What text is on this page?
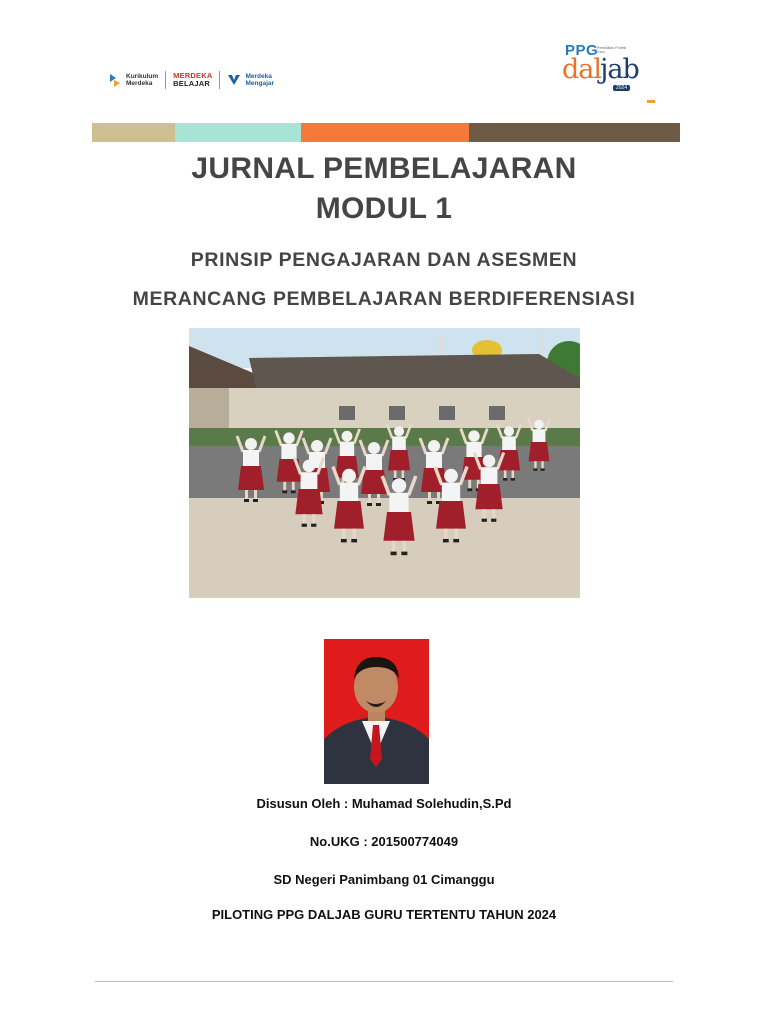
Kurikulum
Merdeka
MERDEKA
BELAJAR
Merdeka
Mengajar
PPG
Pendidikan Profesi Guru
dal
jab
2024
JURNAL PEMBELAJARAN
MODUL 1
PRINSIP PENGAJARAN DAN ASESMEN
MERANCANG PEMBELAJARAN BERDIFERENSIASI
Disusun Oleh : Muhamad Solehudin,S.Pd
No.UKG : 201500774049
SD Negeri Panimbang 01 Cimanggu
PILOTING PPG DALJAB GURU TERTENTU TAHUN 2024
